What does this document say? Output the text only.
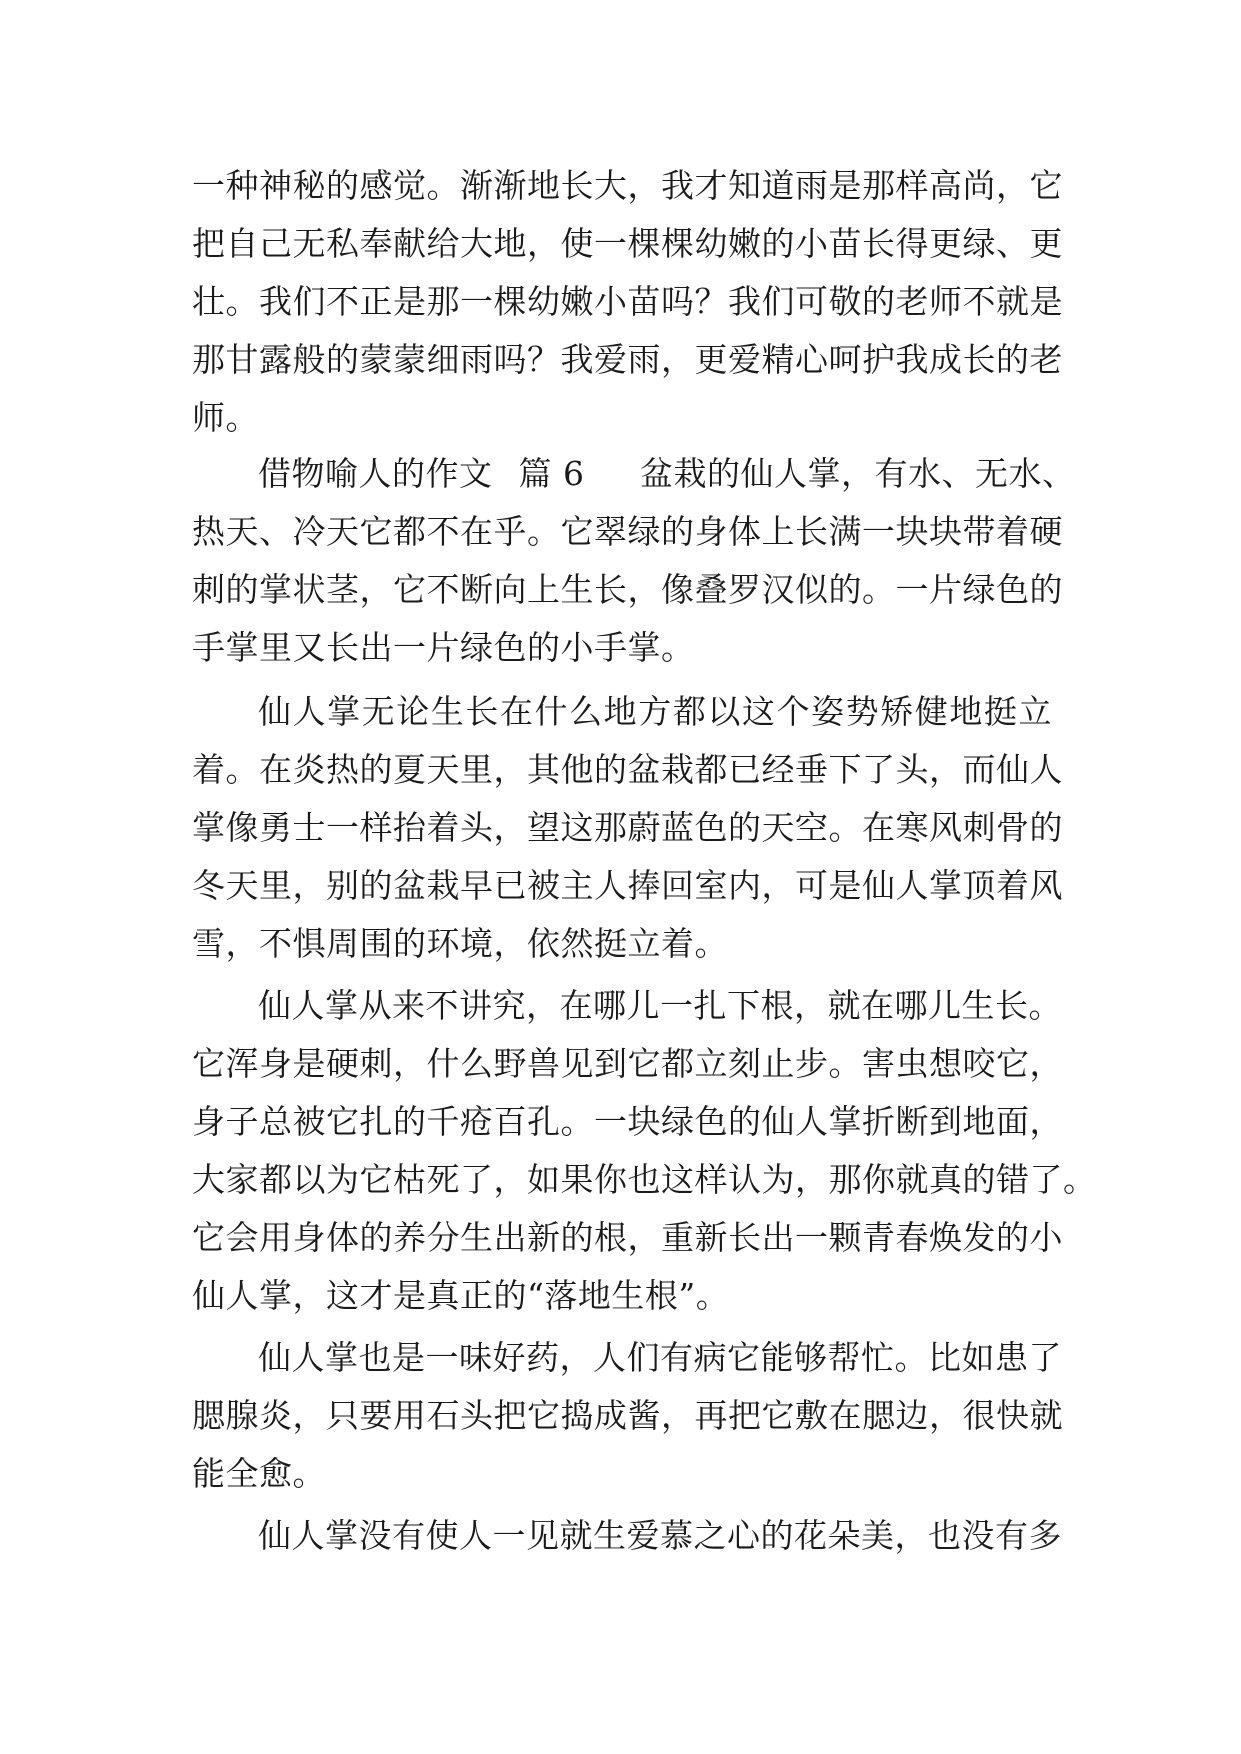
一种神秘的感觉。渐渐地长大，我才知道雨是那样高尚，它
把自己无私奉献给大地，使一棵棵幼嫩的小苗长得更绿、更
壮。我们不正是那一棵幼嫩小苗吗？我们可敬的老师不就是
那甘露般的蒙蒙细雨吗？我爱雨，更爱精心呵护我成长的老
师。
借物喻人的作文 篇 6 盆栽的仙人掌，有水、无水、
热天、冷天它都不在乎。它翠绿的身体上长满一块块带着硬
刺的掌状茎，它不断向上生长，像叠罗汉似的。一片绿色的
手掌里又长出一片绿色的小手掌。
仙人掌无论生长在什么地方都以这个姿势矫健地挺立
着。在炎热的夏天里，其他的盆栽都已经垂下了头，而仙人
掌像勇士一样抬着头，望这那蔚蓝色的天空。在寒风刺骨的
冬天里，别的盆栽早已被主人捧回室内，可是仙人掌顶着风
雪，不惧周围的环境，依然挺立着。
仙人掌从来不讲究，在哪儿一扎下根，就在哪儿生长。
它浑身是硬刺，什么野兽见到它都立刻止步。害虫想咬它，
身子总被它扎的千疮百孔。一块绿色的仙人掌折断到地面，
大家都以为它枯死了，如果你也这样认为，那你就真的错了。
它会用身体的养分生出新的根，重新长出一颗青春焕发的小
仙人掌，这才是真正的“落地生根”。
仙人掌也是一味好药，人们有病它能够帮忙。比如患了
腮腺炎，只要用石头把它捣成酱，再把它敷在腮边，很快就
能全愈。
仙人掌没有使人一见就生爱慕之心的花朵美，也没有多
